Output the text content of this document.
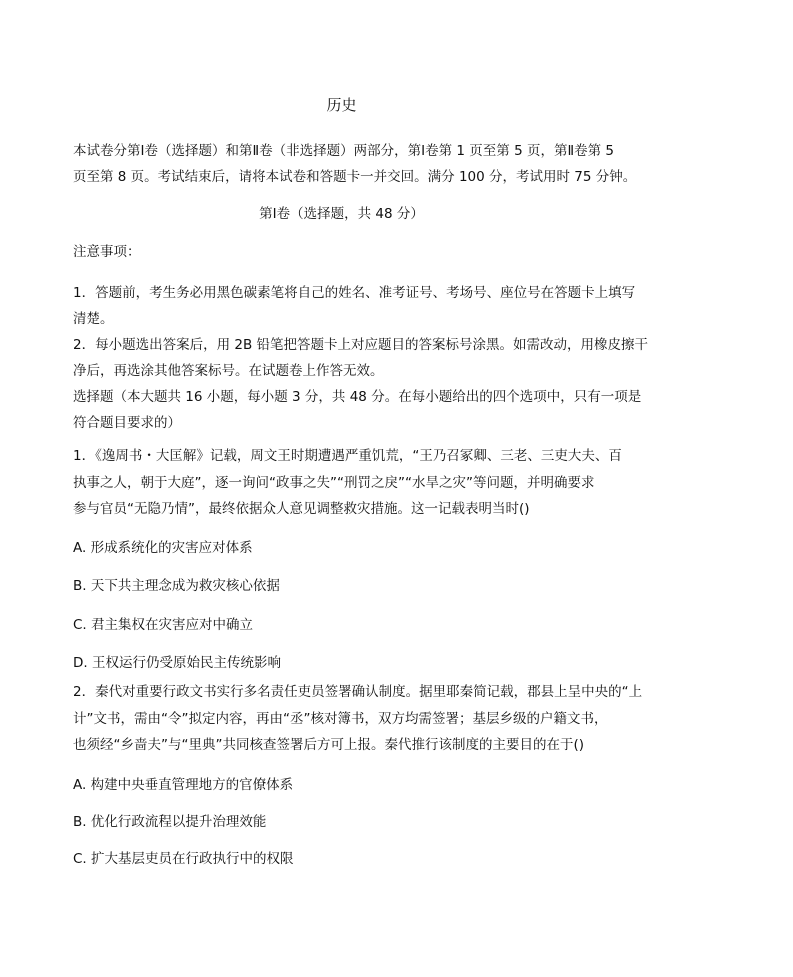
历史
本试卷分第Ⅰ卷（选择题）和第Ⅱ卷（非选择题）两部分，第Ⅰ卷第 1 页至第 5 页，第Ⅱ卷第 5
页至第 8 页。考试结束后，请将本试卷和答题卡一并交回。满分 100 分，考试用时 75 分钟。
第Ⅰ卷（选择题，共 48 分）
注意事项：

1．答题前，考生务必用黑色碳素笔将自己的姓名、准考证号、考场号、座位号在答题卡上填写

清楚。

2．每小题选出答案后，用 2B 铅笔把答题卡上对应题目的答案标号涂黑。如需改动，用橡皮擦干

净后，再选涂其他答案标号。在试题卷上作答无效。

选择题（本大题共 16 小题，每小题 3 分，共 48 分。在每小题给出的四个选项中，只有一项是

符合题目要求的）

1．《逸周书・大匡解》记载，周文王时期遭遇严重饥荒，“王乃召冢卿、三老、三吏大夫、百

执事之人，朝于大庭”，逐一询问“政事之失”“刑罚之戾”“水旱之灾”等问题，并明确要求

参与官员“无隐乃情”，最终依据众人意见调整救灾措施。这一记载表明当时()

A. 形成系统化的灾害应对体系
B. 天下共主理念成为救灾核心依据
C. 君主集权在灾害应对中确立
D. 王权运行仍受原始民主传统影响

2．秦代对重要行政文书实行多名责任吏员签署确认制度。据里耶秦简记载，郡县上呈中央的“上

计”文书，需由“令”拟定内容，再由“丞”核对簿书，双方均需签署；基层乡级的户籍文书，

也须经“乡啬夫”与“里典”共同核查签署后方可上报。秦代推行该制度的主要目的在于()

A. 构建中央垂直管理地方的官僚体系
B. 优化行政流程以提升治理效能
C. 扩大基层吏员在行政执行中的权限
